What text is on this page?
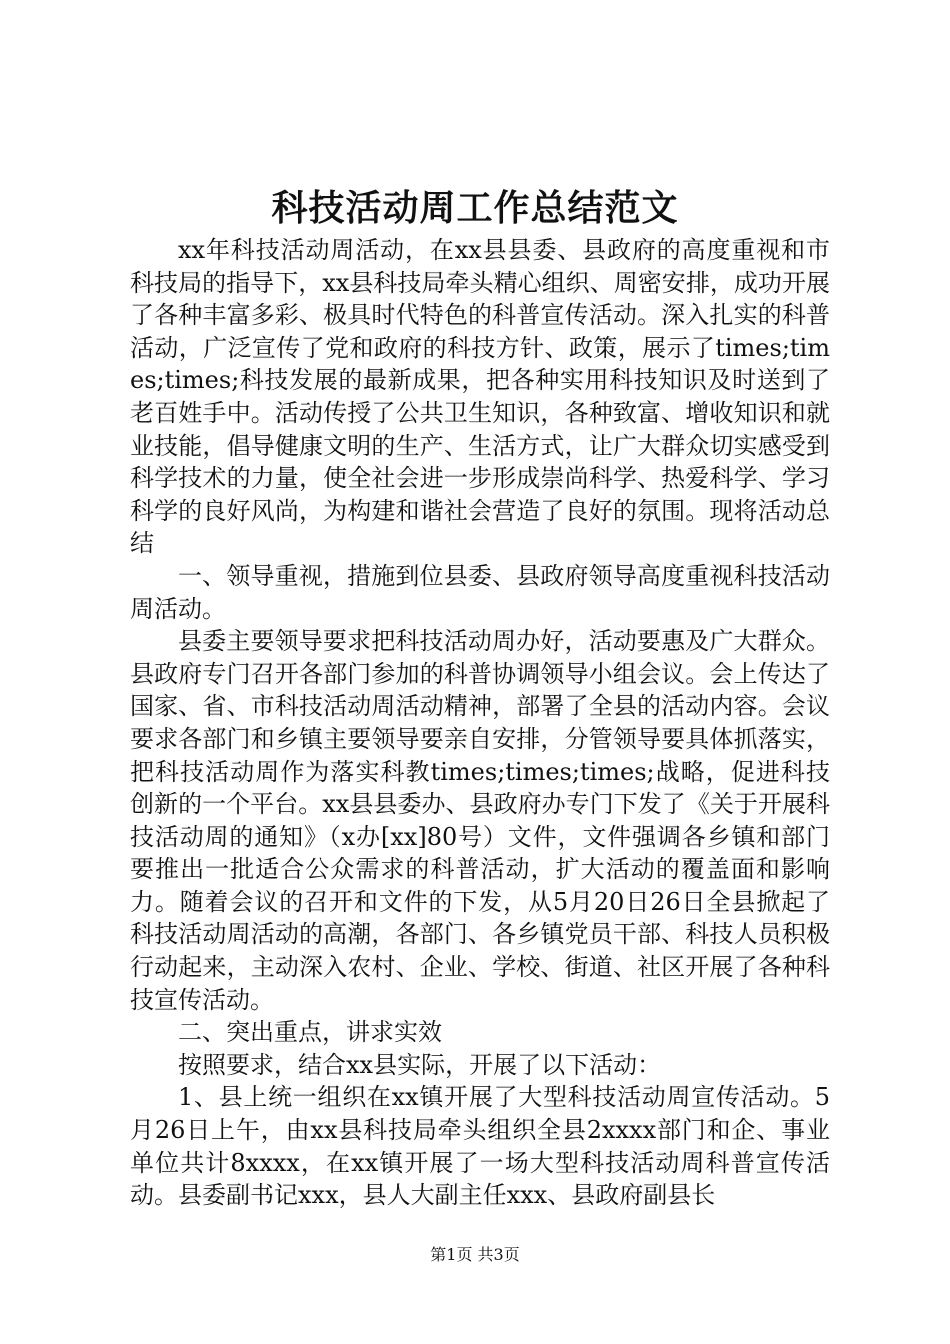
科技活动周工作总结范文

xx年科技活动周活动，在xx县县委、县政府的高度重视和市科技局的指导下，xx县科技局牵头精心组织、周密安排，成功开展了各种丰富多彩、极具时代特色的科普宣传活动。深入扎实的科普活动，广泛宣传了党和政府的科技方针、政策，展示了times;times;times;科技发展的最新成果，把各种实用科技知识及时送到了老百姓手中。活动传授了公共卫生知识，各种致富、增收知识和就业技能，倡导健康文明的生产、生活方式，让广大群众切实感受到科学技术的力量，使全社会进一步形成崇尚科学、热爱科学、学习科学的良好风尚，为构建和谐社会营造了良好的氛围。现将活动总结

一、领导重视，措施到位县委、县政府领导高度重视科技活动周活动。

县委主要领导要求把科技活动周办好，活动要惠及广大群众。县政府专门召开各部门参加的科普协调领导小组会议。会上传达了国家、省、市科技活动周活动精神，部署了全县的活动内容。会议要求各部门和乡镇主要领导要亲自安排，分管领导要具体抓落实，把科技活动周作为落实科教times;times;times;战略，促进科技创新的一个平台。xx县县委办、县政府办专门下发了《关于开展科技活动周的通知》（x办[xx]80号）文件，文件强调各乡镇和部门要推出一批适合公众需求的科普活动，扩大活动的覆盖面和影响力。随着会议的召开和文件的下发，从5月20日26日全县掀起了科技活动周活动的高潮，各部门、各乡镇党员干部、科技人员积极行动起来，主动深入农村、企业、学校、街道、社区开展了各种科技宣传活动。

二、突出重点，讲求实效

按照要求，结合xx县实际，开展了以下活动：

1、县上统一组织在xx镇开展了大型科技活动周宣传活动。5月26日上午，由xx县科技局牵头组织全县2xxxx部门和企、事业单位共计8xxxx，在xx镇开展了一场大型科技活动周科普宣传活动。县委副书记xxx，县人大副主任xxx、县政府副县长

第1页 共3页
